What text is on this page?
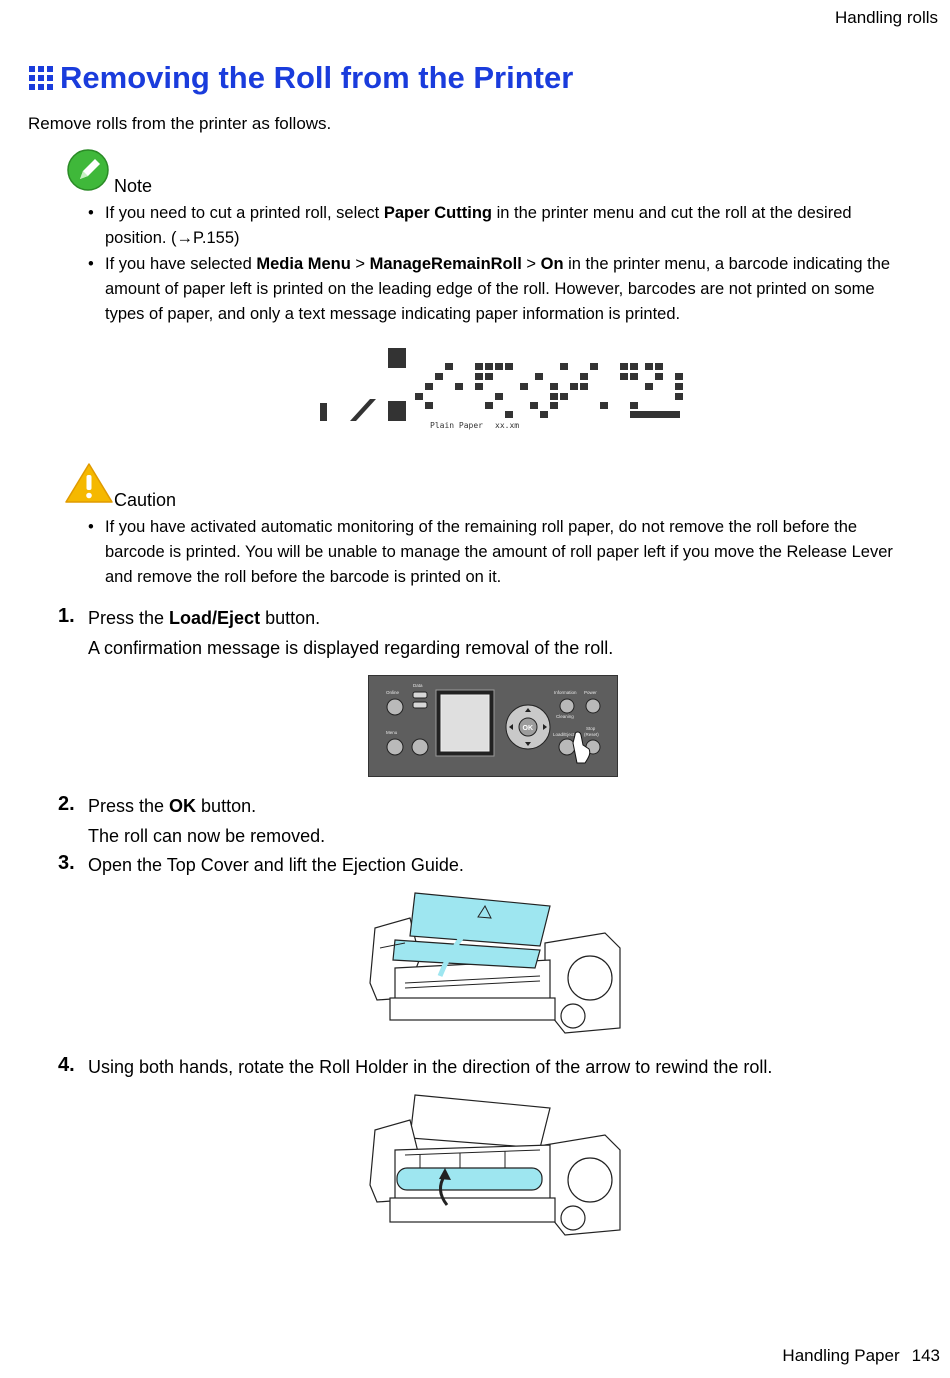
Handling rolls
Removing the Roll from the Printer
Remove rolls from the printer as follows.
Note
• If you need to cut a printed roll, select Paper Cutting in the printer menu and cut the roll at the desired position. (→P.155)
• If you have selected Media Menu > ManageRemainRoll > On in the printer menu, a barcode indicating the amount of paper left is printed on the leading edge of the roll. However, barcodes are not printed on some types of paper, and only a text message indicating paper information is printed.
Plain Paper xx.xm
Caution
• If you have activated automatic monitoring of the remaining roll paper, do not remove the roll before the barcode is printed. You will be unable to manage the amount of roll paper left if you move the Release Lever and remove the roll before the barcode is printed on it.
1. Press the Load/Eject button.
A confirmation message is displayed regarding removal of the roll.
Online
Data
Menu
Information Power
Cleaning
Load/Eject
Stop
(Reset)
OK
2. Press the OK button.
The roll can now be removed.
3. Open the Top Cover and lift the Ejection Guide.
4. Using both hands, rotate the Roll Holder in the direction of the arrow to rewind the roll.
Handling Paper 143
